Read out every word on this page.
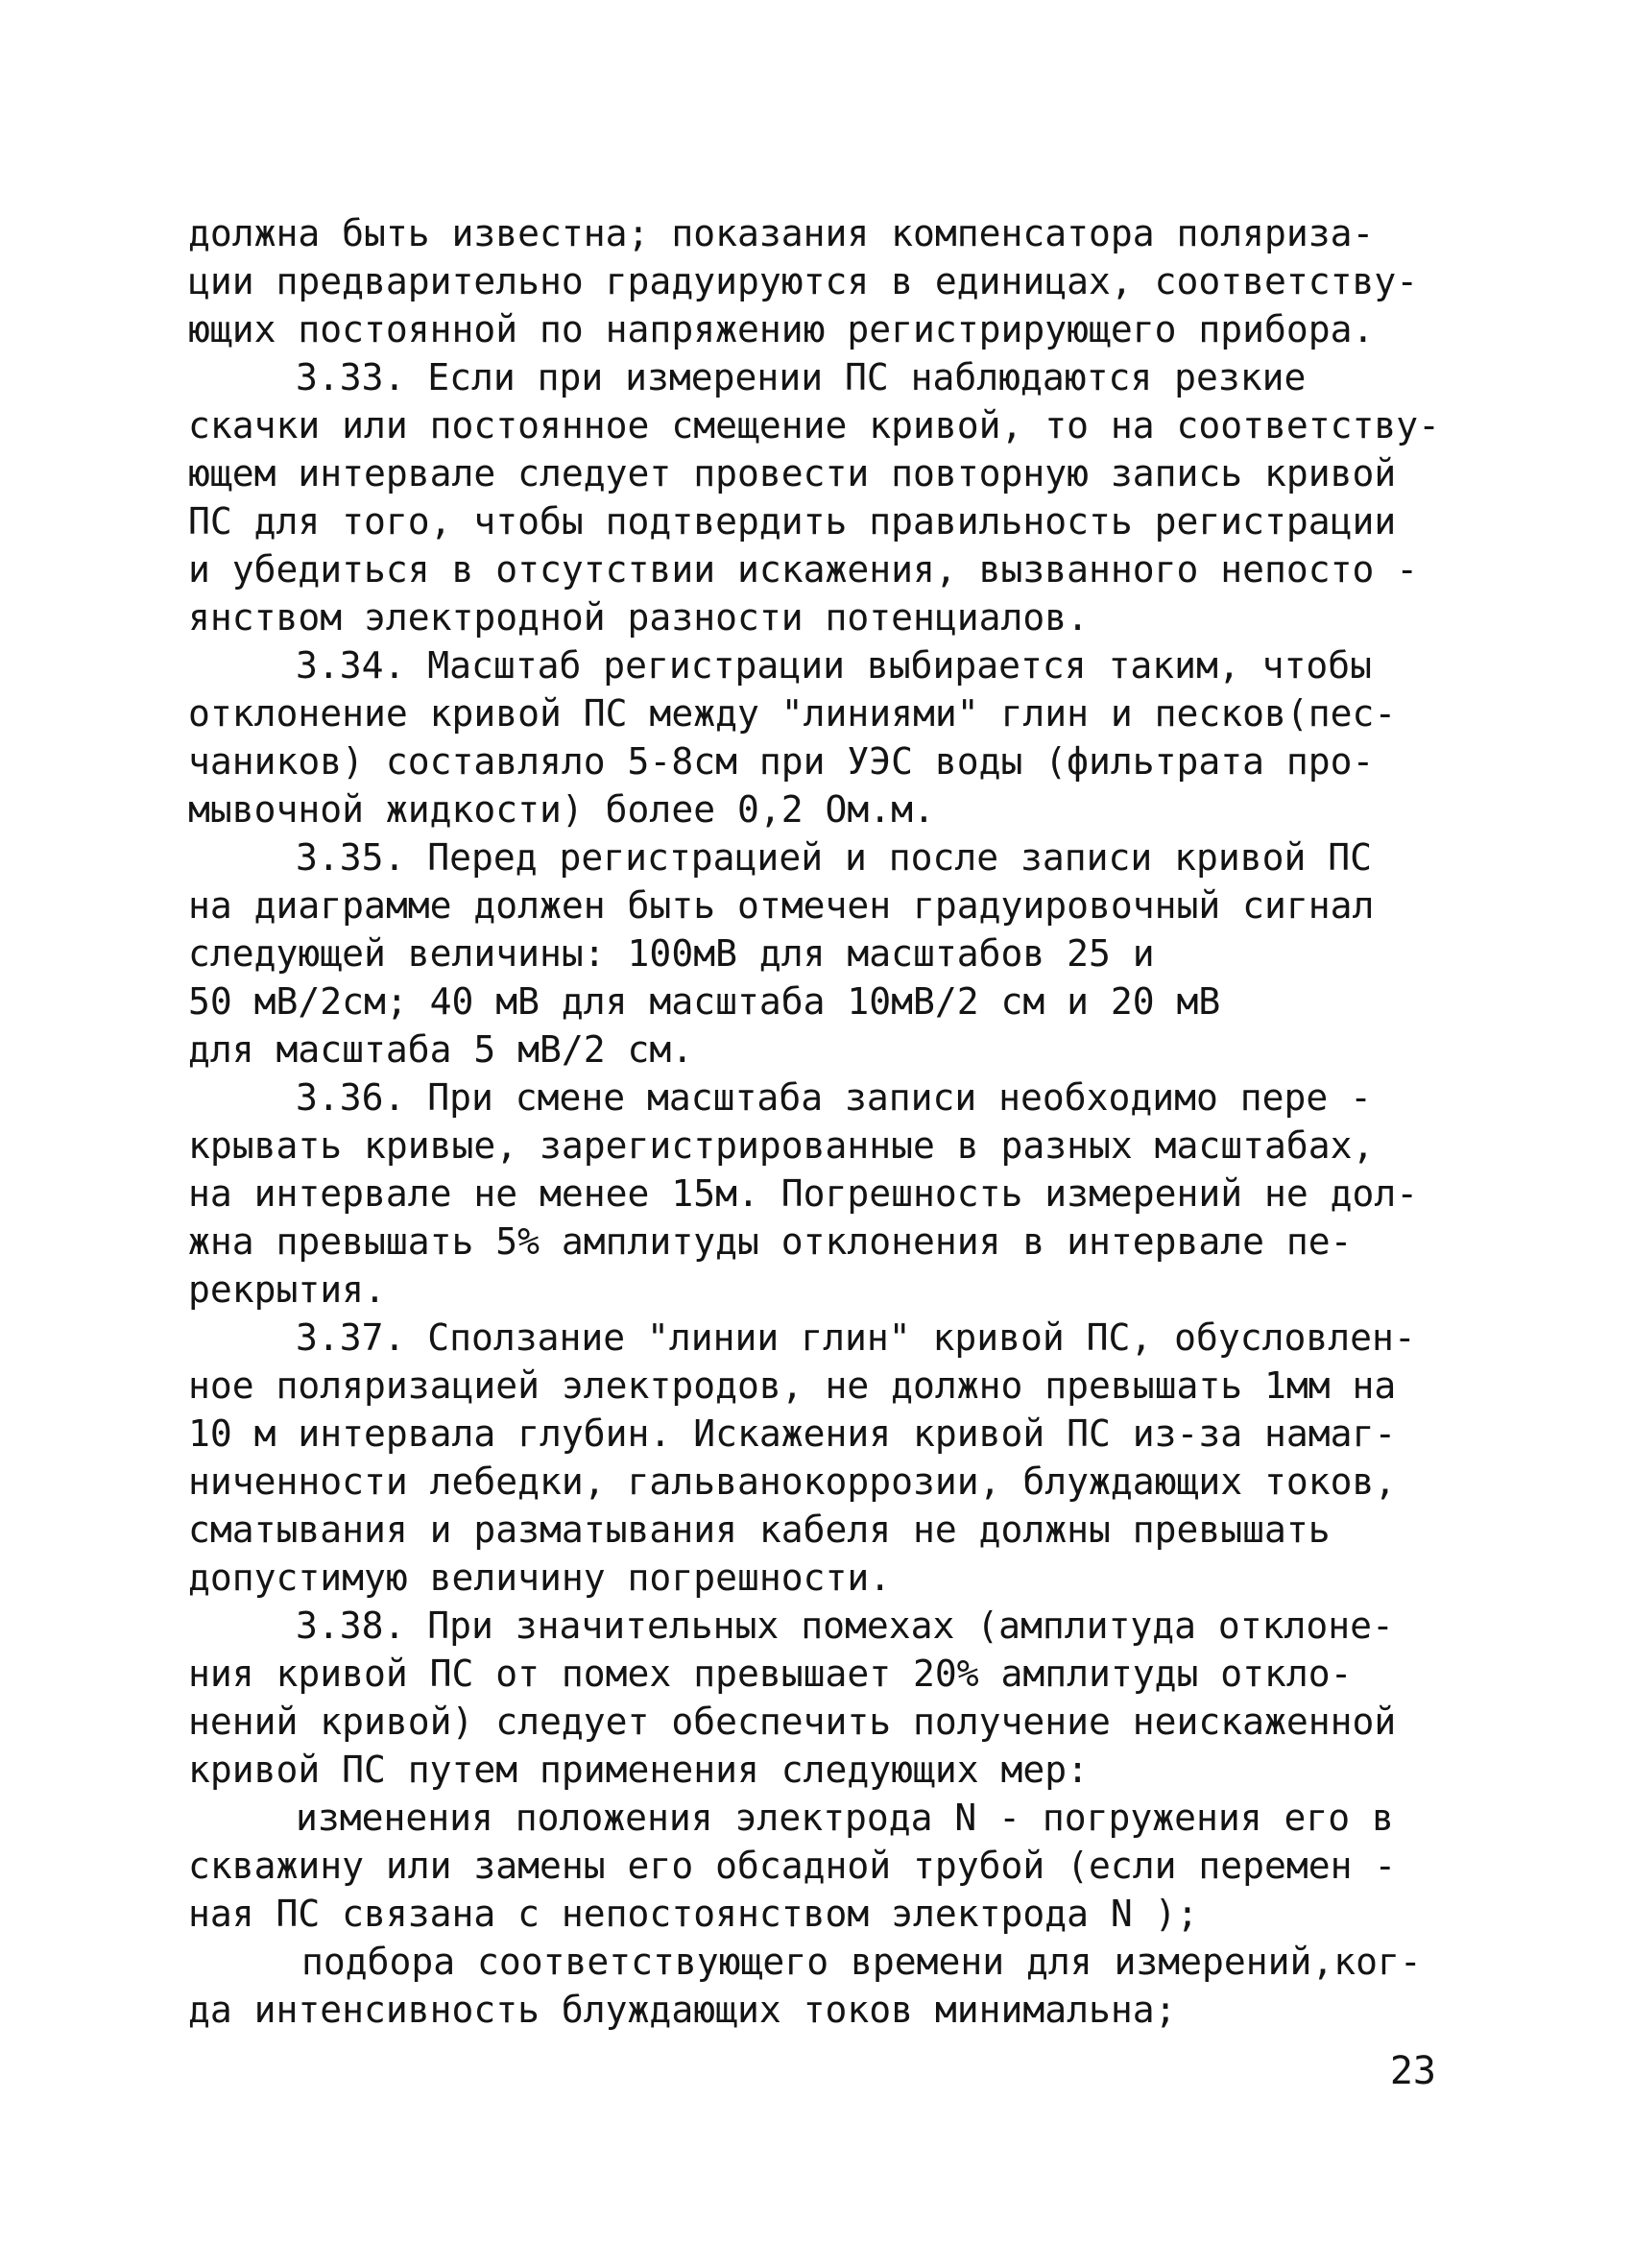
должна быть известна; показания компенсатора поляриза-
ции предварительно градуируются в единицах, соответству-
ющих постоянной по напряжению регистрирующего прибора.
3.33. Если при измерении ПС наблюдаются резкие
скачки или постоянное смещение кривой, то на соответству-
ющем интервале следует провести повторную запись кривой
ПС для того, чтобы подтвердить правильность регистрации
и убедиться в отсутствии искажения, вызванного непосто -
янством электродной разности потенциалов.
3.34. Масштаб регистрации выбирается таким, чтобы
отклонение кривой ПС между "линиями" глин и песков(пес-
чаников) составляло 5-8см при УЭС воды (фильтрата про-
мывочной жидкости) более 0,2 Ом.м.
3.35. Перед регистрацией и после записи кривой ПС
на диаграмме должен быть отмечен градуировочный сигнал
следующей величины: 100мВ для масштабов 25 и
50 мВ/2см; 40 мВ для масштаба 10мВ/2 см и 20 мВ
для масштаба 5 мВ/2 см.
3.36. При смене масштаба записи необходимо пере -
крывать кривые, зарегистрированные в разных масштабах,
на интервале не менее 15м. Погрешность измерений не дол-
жна превышать 5% амплитуды отклонения в интервале пе-
рекрытия.
3.37. Сползание "линии глин" кривой ПС, обусловлен-
ное поляризацией электродов, не должно превышать 1мм на
10 м интервала глубин. Искажения кривой ПС из-за намаг-
ниченности лебедки, гальванокоррозии, блуждающих токов,
сматывания и разматывания кабеля не должны превышать
допустимую величину погрешности.
3.38. При значительных помехах (амплитуда отклоне-
ния кривой ПС от помех превышает 20% амплитуды откло-
нений кривой) следует обеспечить получение неискаженной
кривой ПС путем применения следующих мер:
изменения положения электрода N - погружения его в
скважину или замены его обсадной трубой (если перемен -
ная ПС связана с непостоянством электрода N );
подбора соответствующего времени для измерений,ког-
да интенсивность блуждающих токов минимальна;
23
